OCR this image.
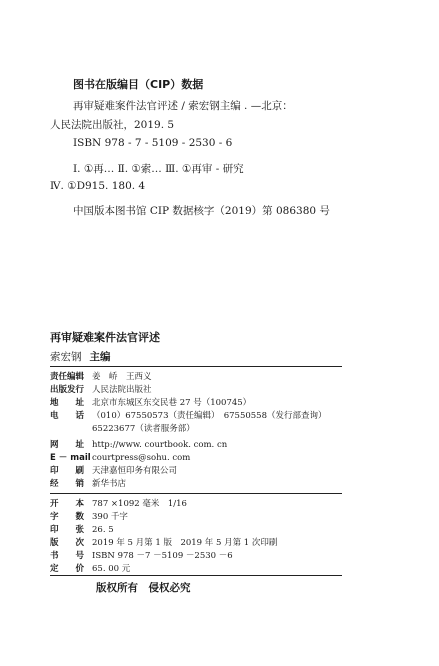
图书在版编目（CIP）数据
再审疑难案件法官评述 / 索宏钢主编 . —北京：
人民法院出版社，2019. 5
ISBN 978 - 7 - 5109 - 2530 - 6
Ⅰ. ①再… Ⅱ. ①索… Ⅲ. ①再审 - 研究
Ⅳ. ①D915. 180. 4
中国版本图书馆 CIP 数据核字（2019）第 086380 号
再审疑难案件法官评述
索宏钢 主编
责任编辑 姜　峤　王西义
出版发行 人民法院出版社
地　　址 北京市东城区东交民巷 27 号（100745）
电　　话 （010）67550573（责任编辑）　67550558（发行部查询）
65223677（读者服务部）
网　　址 http://www. courtbook. com. cn
E － mailcourtpress@sohu. com
印　　刷 天津嘉恒印务有限公司
经　　销 新华书店
开　　本 787 ×1092 毫米　1/16
字　　数 390 千字
印　　张 26. 5
版　　次 2019 年 5 月第 1 版　2019 年 5 月第 1 次印刷
书　　号 ISBN 978 －7 －5109 －2530 －6
定　　价 65. 00 元
版权所有　侵权必究
